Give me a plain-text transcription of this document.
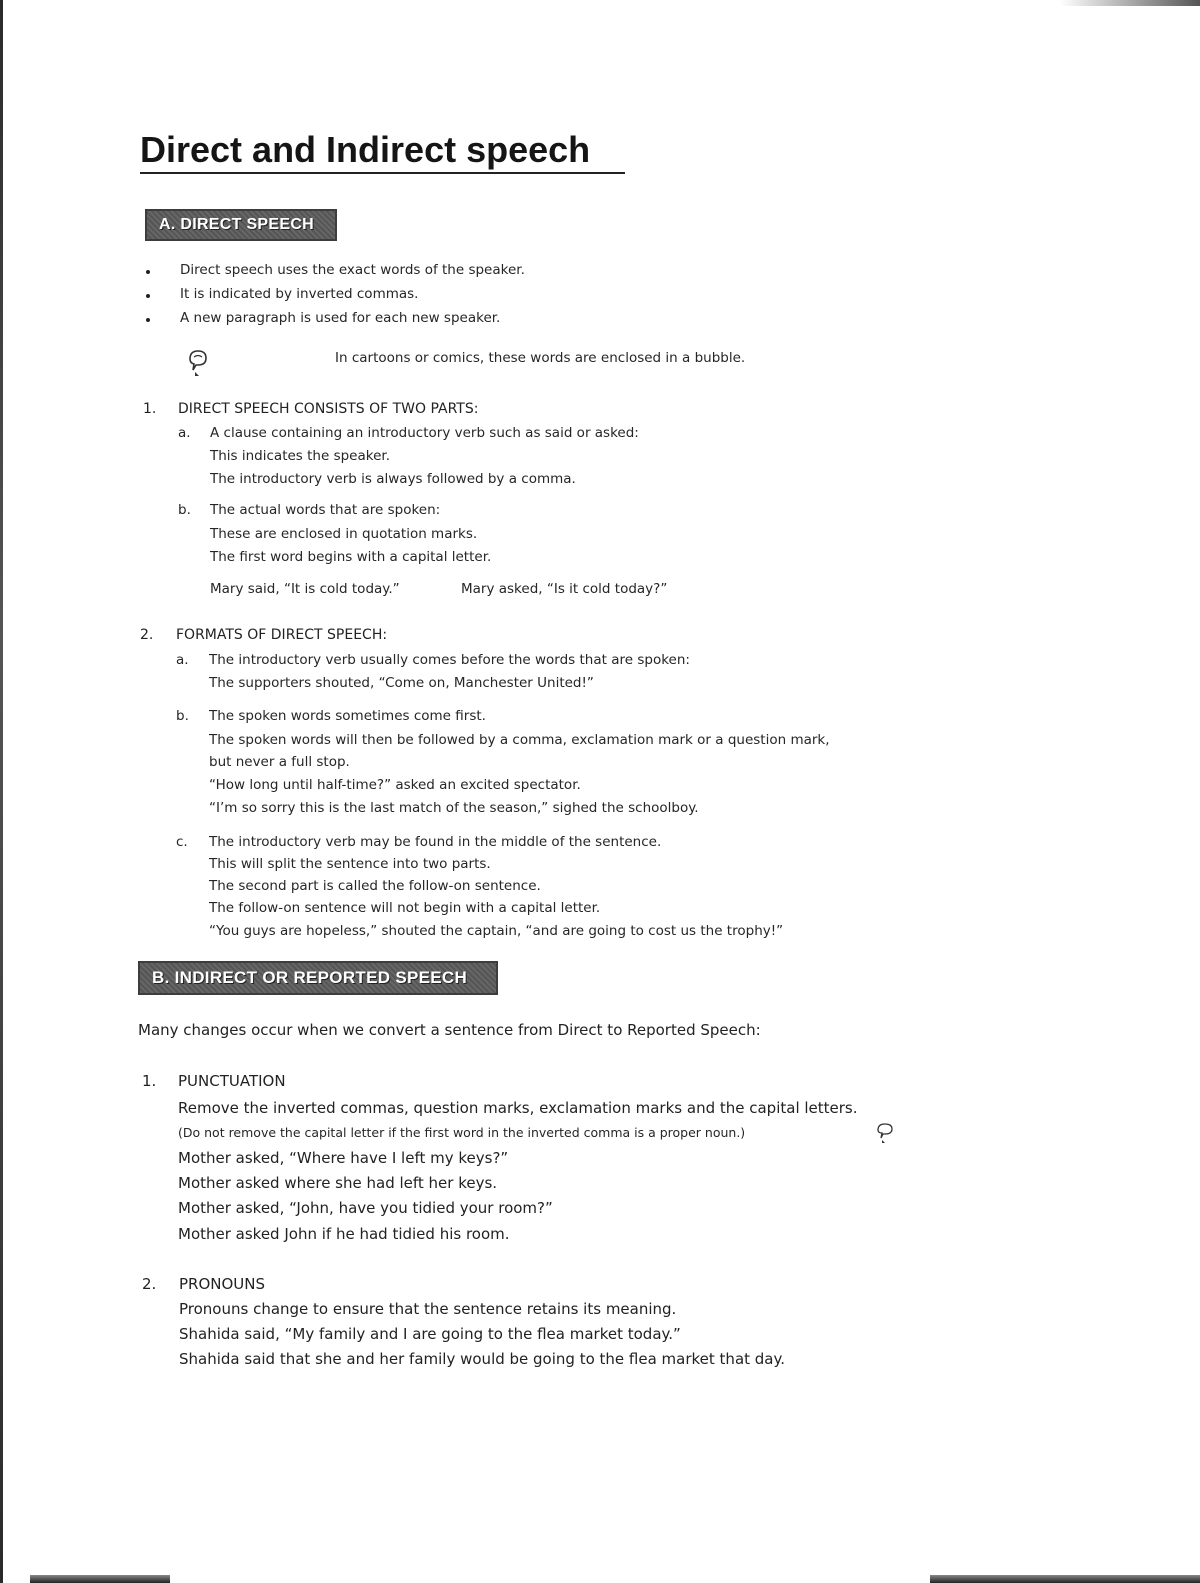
Direct and Indirect speech
A. DIRECT SPEECH
Direct speech uses the exact words of the speaker.
It is indicated by inverted commas.
A new paragraph is used for each new speaker.
In cartoons or comics, these words are enclosed in a bubble.
1. DIRECT SPEECH CONSISTS OF TWO PARTS:
a. A clause containing an introductory verb such as said or asked:
This indicates the speaker.
The introductory verb is always followed by a comma.
b. The actual words that are spoken:
These are enclosed in quotation marks.
The first word begins with a capital letter.
Mary said, “It is cold today.”	Mary asked, “Is it cold today?”
2. FORMATS OF DIRECT SPEECH:
a. The introductory verb usually comes before the words that are spoken:
The supporters shouted, “Come on, Manchester United!”
b. The spoken words sometimes come first.
The spoken words will then be followed by a comma, exclamation mark or a question mark,
but never a full stop.
“How long until half-time?” asked an excited spectator.
“I’m so sorry this is the last match of the season,” sighed the schoolboy.
c. The introductory verb may be found in the middle of the sentence.
This will split the sentence into two parts.
The second part is called the follow-on sentence.
The follow-on sentence will not begin with a capital letter.
“You guys are hopeless,” shouted the captain, “and are going to cost us the trophy!”
B. INDIRECT OR REPORTED SPEECH
Many changes occur when we convert a sentence from Direct to Reported Speech:
1. PUNCTUATION
Remove the inverted commas, question marks, exclamation marks and the capital letters.
(Do not remove the capital letter if the first word in the inverted comma is a proper noun.)
Mother asked, “Where have I left my keys?”
Mother asked where she had left her keys.
Mother asked, “John, have you tidied your room?”
Mother asked John if he had tidied his room.
2. PRONOUNS
Pronouns change to ensure that the sentence retains its meaning.
Shahida said, “My family and I are going to the flea market today.”
Shahida said that she and her family would be going to the flea market that day.
